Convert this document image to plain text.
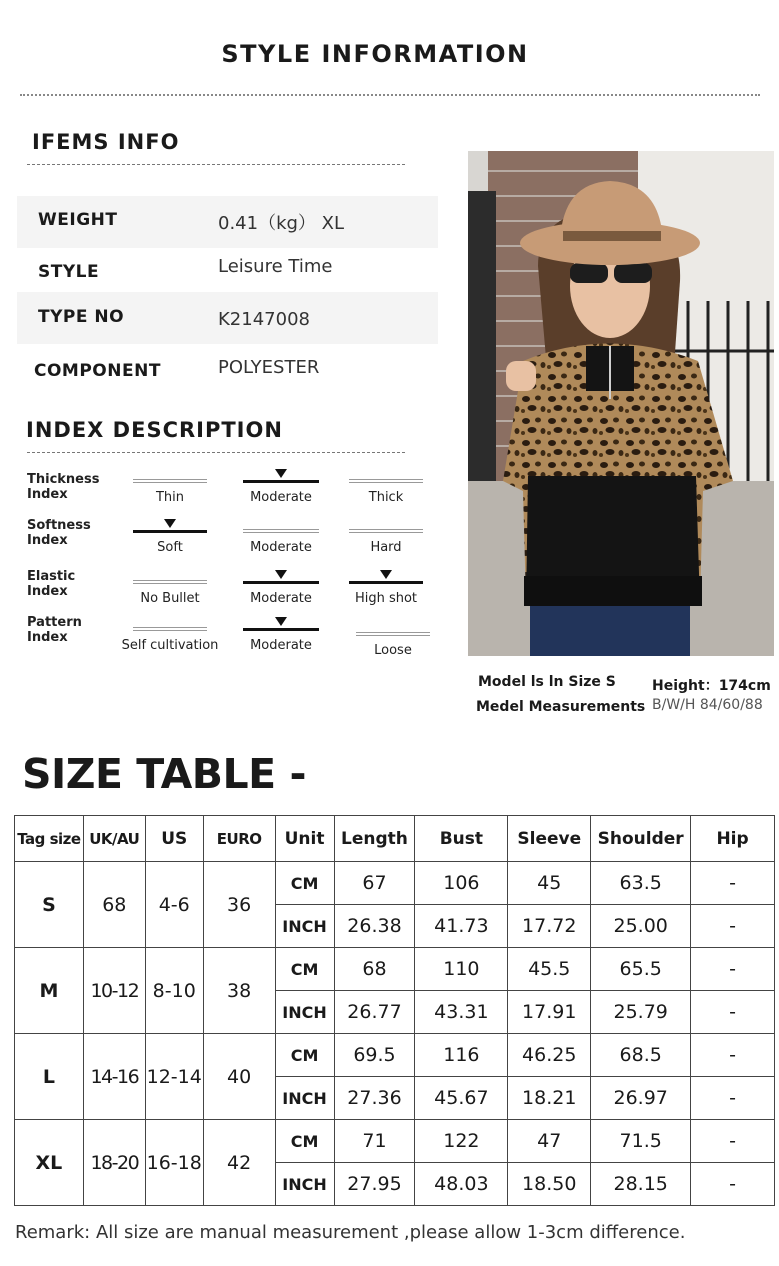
STYLE INFORMATION
IFEMS INFO
WEIGHT	0.41（kg） XL
STYLE	Leisure Time
TYPE NO	K2147008
COMPONENT	POLYESTER
INDEX DESCRIPTION
Thickness
Index	Thin	Moderate	Thick
Softness
Index	Soft	Moderate	Hard
Elastic
Index	No Bullet	Moderate	High shot
Pattern
Index
Self cultivation	Moderate	Loose
Model ls ln Size S
Medel Measurements
Height：174cm
B/W/H 84/60/88
SIZE TABLE -
Tag size	UK/AU	US	EURO	Unit	Length	Bust	Sleeve	Shoulder	Hip
S	68	4-6	36	CM	67	106	45	63.5	-
				INCH	26.38	41.73	17.72	25.00	-
M	10-12	8-10	38	CM	68	110	45.5	65.5	-
				INCH	26.77	43.31	17.91	25.79	-
L	14-16	12-14	40	CM	69.5	116	46.25	68.5	-
				INCH	27.36	45.67	18.21	26.97	-
XL	18-20	16-18	42	CM	71	122	47	71.5	-
				INCH	27.95	48.03	18.50	28.15	-
Remark: All size are manual measurement ,please allow 1-3cm difference.
